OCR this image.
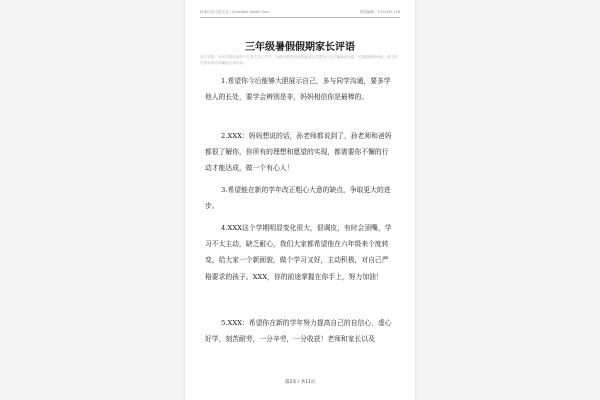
标准评语示范文本 | Excellent Model Text	资料编码：CYLJ-YW-126
三年级暑假假期家长评语
用户须知：该评语资料适用于日常生活工作中，为提升简单易用性能适合学要执行且正确阅读全局，可编辑修改使用。请不同在需求前应该翻阅全部内容。

1.希望你今后能够大胆展示自己，多与同学沟通，要多学他人的长处，要学会辨别是非，妈妈相信你是最棒的。

2.XXX：妈妈想说的话，孙老师都说到了，孙老师和爸妈都很了解你，你所有的理想和愿望的实现，都需要你不懈的行动才能达成，做一个有心人！

3.希望能在新的学年改正粗心大意的缺点，争取更大的进步。

4.XXX这个学期明显变化很大，很调皮，有时会顶嘴，学习不太主动，缺乏耐心，我们大家都希望他在六年级来个度转变，给大家一个新面貌，做个学习又好，主动积极，对自己严格要求的孩子。XXX，你的前途掌握在你手上，努力加油！

5.XXX：希望你在新的学年努力提高自己的自信心，虚心好学，刻苦耐劳，一分辛劳，一分收获！老师和家长以及

第2页 / 共11页
